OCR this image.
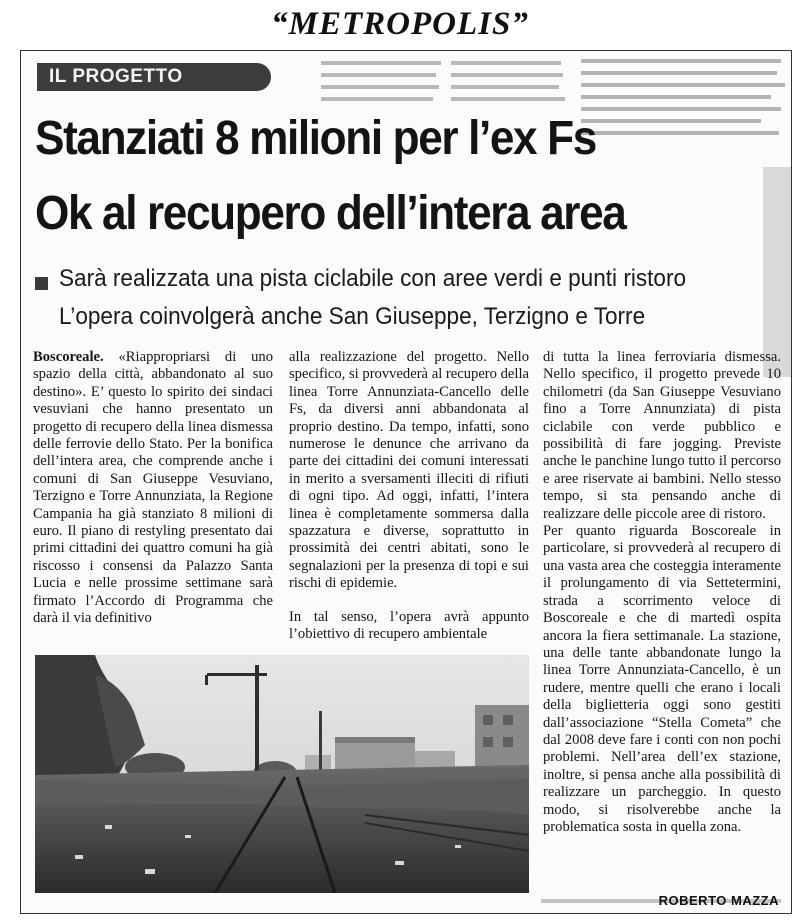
“METROPOLIS”
IL PROGETTO
Stanziati 8 milioni per l’ex Fs
Ok al recupero dell’intera area
Sarà realizzata una pista ciclabile con aree verdi e punti ristoro
L’opera coinvolgerà anche San Giuseppe, Terzigno e Torre

Boscoreale. «Riappropriarsi di uno spazio della città, abbandonato al suo destino». E’ questo lo spirito dei sindaci vesuviani che hanno presentato un progetto di recupero della linea dismessa delle ferrovie dello Stato. Per la bonifica dell’intera area, che comprende anche i comuni di San Giuseppe Vesuviano, Terzigno e Torre Annunziata, la Regione Campania ha già stanziato 8 milioni di euro. Il piano di restyling presentato dai primi cittadini dei quattro comuni ha già riscosso i consensi da Palazzo Santa Lucia e nelle prossime settimane sarà firmato l’Accordo di Programma che darà il via definitivo

alla realizzazione del progetto. Nello specifico, si provvederà al recupero della linea Torre Annunziata-Cancello delle Fs, da diversi anni abbandonata al proprio destino. Da tempo, infatti, sono numerose le denunce che arrivano da parte dei cittadini dei comuni interessati in merito a sversamenti illeciti di rifiuti di ogni tipo. Ad oggi, infatti, l’intera linea è completamente sommersa dalla spazzatura e diverse, soprattutto in prossimità dei centri abitati, sono le segnalazioni per la presenza di topi e sui rischi di epidemie.

In tal senso, l’opera avrà appunto l’obiettivo di recupero ambientale

di tutta la linea ferroviaria dismessa. Nello specifico, il progetto prevede 10 chilometri (da San Giuseppe Vesuviano fino a Torre Annunziata) di pista ciclabile con verde pubblico e possibilità di fare jogging. Previste anche le panchine lungo tutto il percorso e aree riservate ai bambini. Nello stesso tempo, si sta pensando anche di realizzare delle piccole aree di ristoro.

Per quanto riguarda Boscoreale in particolare, si provvederà al recupero di una vasta area che costeggia interamente il prolungamento di via Settetermini, strada a scorrimento veloce di Boscoreale e che di martedì ospita ancora la fiera settimanale. La stazione, una delle tante abbandonate lungo la linea Torre Annunziata-Cancello, è un rudere, mentre quelli che erano i locali della biglietteria oggi sono gestiti dall’associazione “Stella Cometa” che dal 2008 deve fare i conti con non pochi problemi. Nell’area dell’ex stazione, inoltre, si pensa anche alla possibilità di realizzare un parcheggio. In questo modo, si risolverebbe anche la problematica sosta in quella zona.

ROBERTO MAZZA
